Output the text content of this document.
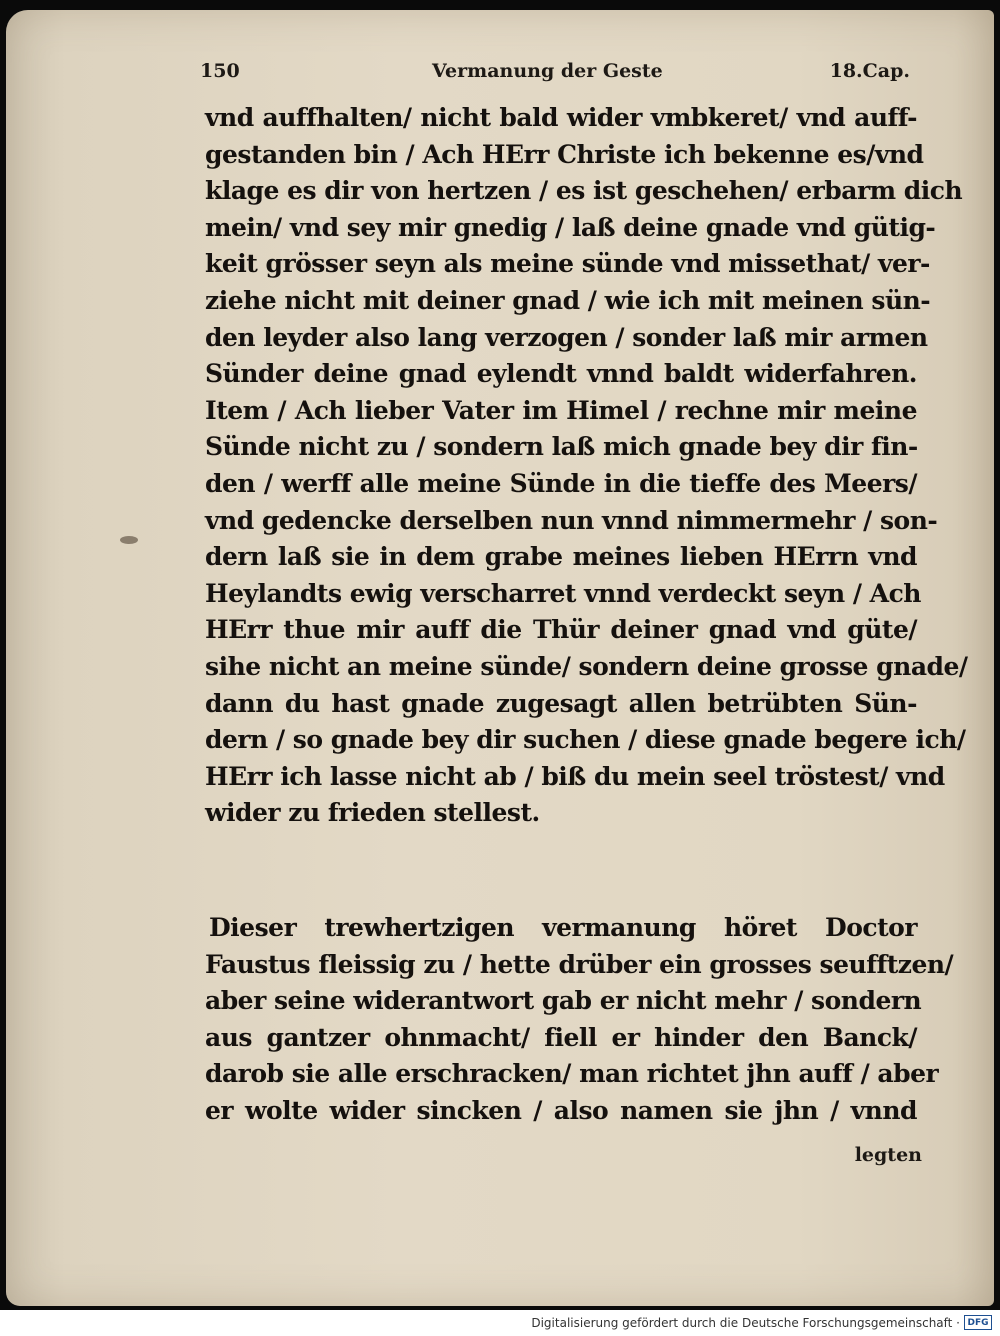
150	Vermanung der Geste	18.Cap.
vnd auffhalten/ nicht bald wider vmbkeret/ vnd auff-
gestanden bin / Ach HErr Christe ich bekenne es/vnd
klage es dir von hertzen / es ist geschehen/ erbarm dich
mein/ vnd sey mir gnedig / laß deine gnade vnd gütig-
keit grösser seyn als meine sünde vnd missethat/ ver-
ziehe nicht mit deiner gnad / wie ich mit meinen sün-
den leyder also lang verzogen / sonder laß mir armen
Sünder deine gnad eylendt vnnd baldt widerfahren.
Item / Ach lieber Vater im Himel / rechne mir meine
Sünde nicht zu / sondern laß mich gnade bey dir fin-
den / werff alle meine Sünde in die tieffe des Meers/
vnd gedencke derselben nun vnnd nimmermehr / son-
dern laß sie in dem grabe meines lieben HErrn vnd
Heylandts ewig verscharret vnnd verdeckt seyn / Ach
HErr thue mir auff die Thür deiner gnad vnd güte/
sihe nicht an meine sünde/ sondern deine grosse gnade/
dann du hast gnade zugesagt allen betrübten Sün-
dern / so gnade bey dir suchen / diese gnade begere ich/
HErr ich lasse nicht ab / biß du mein seel tröstest/ vnd
wider zu frieden stellest.
Dieser trewhertzigen vermanung höret Doctor
Faustus fleissig zu / hette drüber ein grosses seufftzen/
aber seine widerantwort gab er nicht mehr / sondern
aus gantzer ohnmacht/ fiell er hinder den Banck/
darob sie alle erschracken/ man richtet jhn auff / aber
er wolte wider sincken / also namen sie jhn / vnnd
legten
Digitalisierung gefördert durch die Deutsche Forschungsgemeinschaft · DFG
